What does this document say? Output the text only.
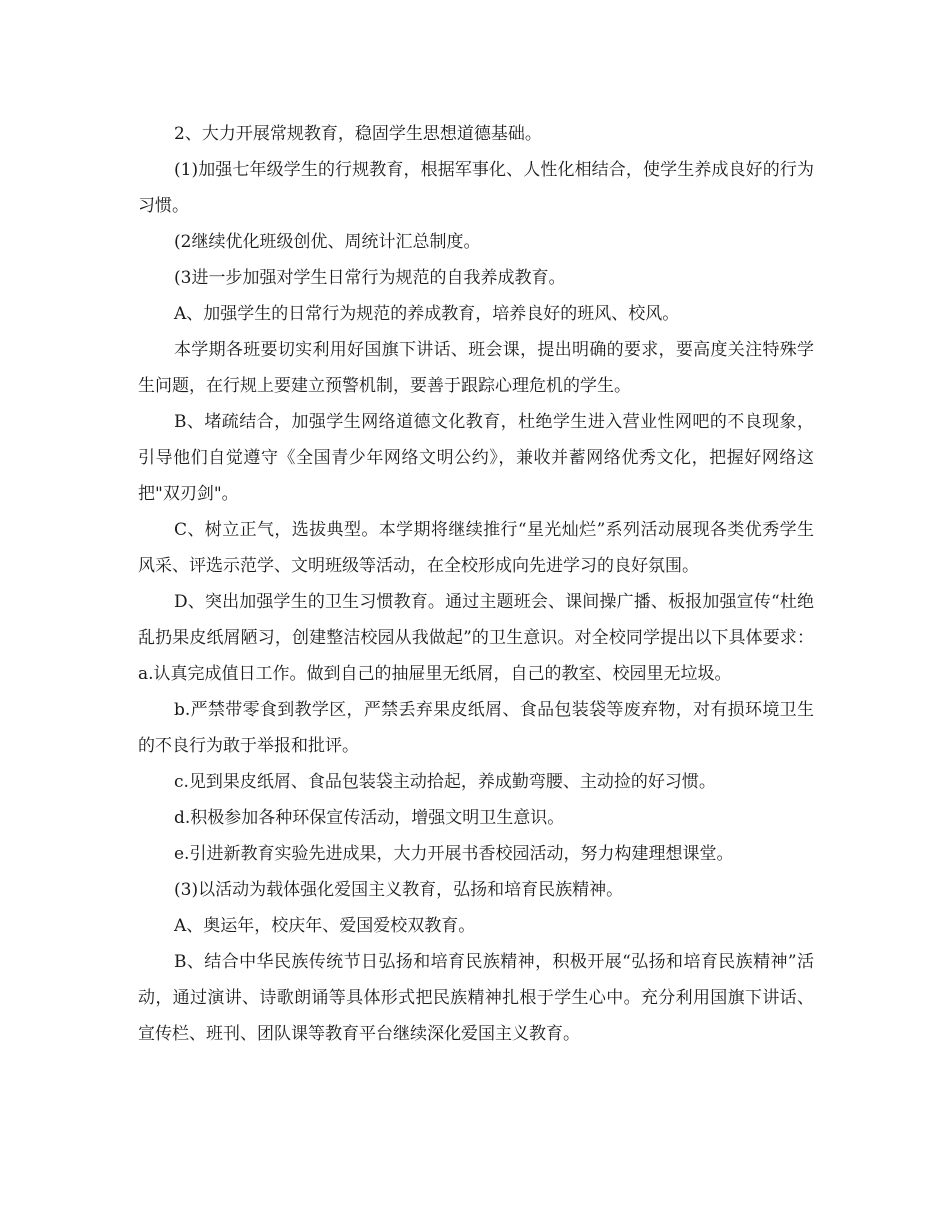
2、大力开展常规教育，稳固学生思想道德基础。

(1)加强七年级学生的行规教育，根据军事化、人性化相结合，使学生养成良好的行为习惯。

(2继续优化班级创优、周统计汇总制度。

(3进一步加强对学生日常行为规范的自我养成教育。

A、加强学生的日常行为规范的养成教育，培养良好的班风、校风。

本学期各班要切实利用好国旗下讲话、班会课，提出明确的要求，要高度关注特殊学生问题，在行规上要建立预警机制，要善于跟踪心理危机的学生。

B、堵疏结合，加强学生网络道德文化教育，杜绝学生进入营业性网吧的不良现象，引导他们自觉遵守《全国青少年网络文明公约》，兼收并蓄网络优秀文化，把握好网络这把"双刃剑"。

C、树立正气，选拔典型。本学期将继续推行“星光灿烂”系列活动展现各类优秀学生风采、评选示范学、文明班级等活动，在全校形成向先进学习的良好氛围。

D、突出加强学生的卫生习惯教育。通过主题班会、课间操广播、板报加强宣传“杜绝乱扔果皮纸屑陋习，创建整洁校园从我做起”的卫生意识。对全校同学提出以下具体要求： a.认真完成值日工作。做到自己的抽屉里无纸屑，自己的教室、校园里无垃圾。

b.严禁带零食到教学区，严禁丢弃果皮纸屑、食品包装袋等废弃物，对有损环境卫生的不良行为敢于举报和批评。

c.见到果皮纸屑、食品包装袋主动拾起，养成勤弯腰、主动捡的好习惯。

d.积极参加各种环保宣传活动，增强文明卫生意识。

e.引进新教育实验先进成果，大力开展书香校园活动，努力构建理想课堂。

(3)以活动为载体强化爱国主义教育，弘扬和培育民族精神。

A、奥运年，校庆年、爱国爱校双教育。

B、结合中华民族传统节日弘扬和培育民族精神，积极开展“弘扬和培育民族精神”活动，通过演讲、诗歌朗诵等具体形式把民族精神扎根于学生心中。充分利用国旗下讲话、宣传栏、班刊、团队课等教育平台继续深化爱国主义教育。
